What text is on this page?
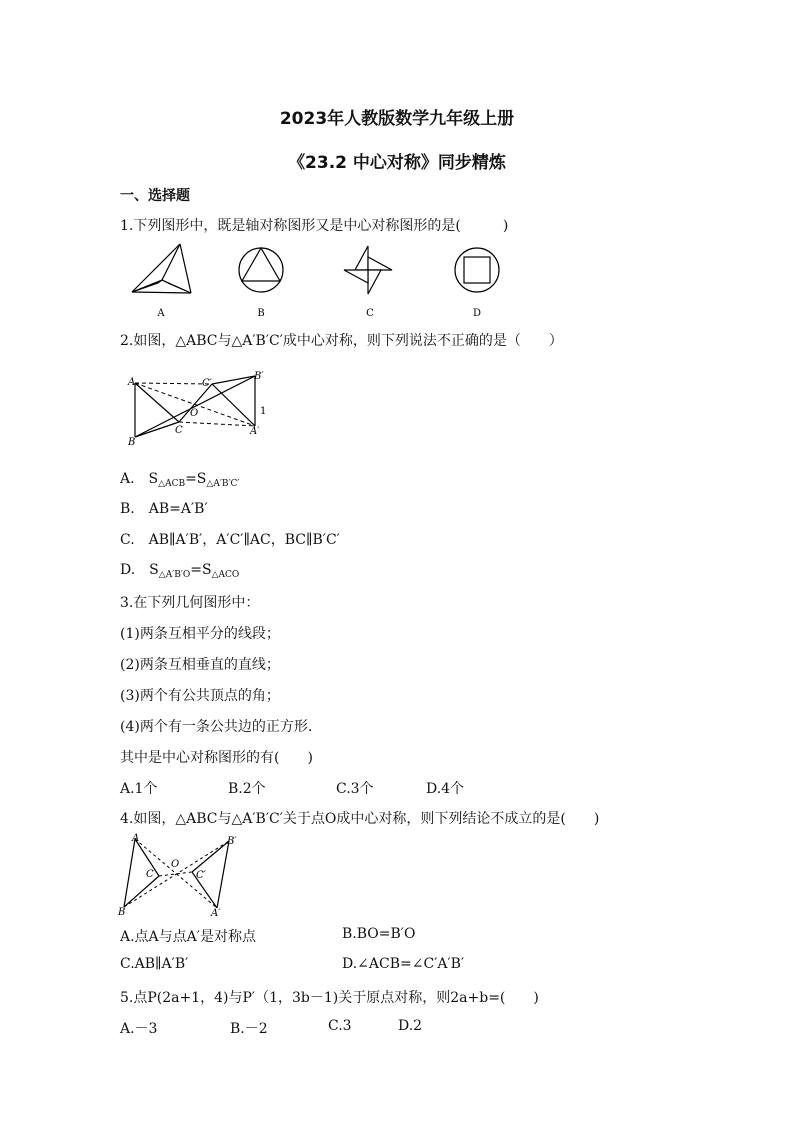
2023年人教版数学九年级上册
《23.2 中心对称》同步精炼
一、选择题
1.下列图形中，既是轴对称图形又是中心对称图形的是(　　　)
A	B	C	D
2.如图，△ABC与△A′B′C′成中心对称，则下列说法不正确的是（　　）
A
B
C
O
C′
B′
A′
1
A.　$S_{\triangle ACB}=S_{\triangle A'B'C'}$
B.　AB=A′B′
C.　AB∥A′B′，A′C′∥AC，BC∥B′C′
D.　$S_{\triangle A'B'O}=S_{\triangle ACO}$
3.在下列几何图形中：
(1)两条互相平分的线段；
(2)两条互相垂直的直线；
(3)两个有公共顶点的角；
(4)两个有一条公共边的正方形.
其中是中心对称图形的有(　　)
A.1个	B.2个	C.3个	D.4个
4.如图，△ABC与△A′B′C′关于点O成中心对称，则下列结论不成立的是(　　)
A
B
C
O
C′
B′
A′
A.点A与点A′是对称点	B.BO=B′O
C.AB∥A′B′	D.∠ACB=∠C′A′B′
5.点P(2a+1，4)与P′（1，3b－1)关于原点对称，则2a+b=(　　)
A.－3	B.－2	C.3	D.2
